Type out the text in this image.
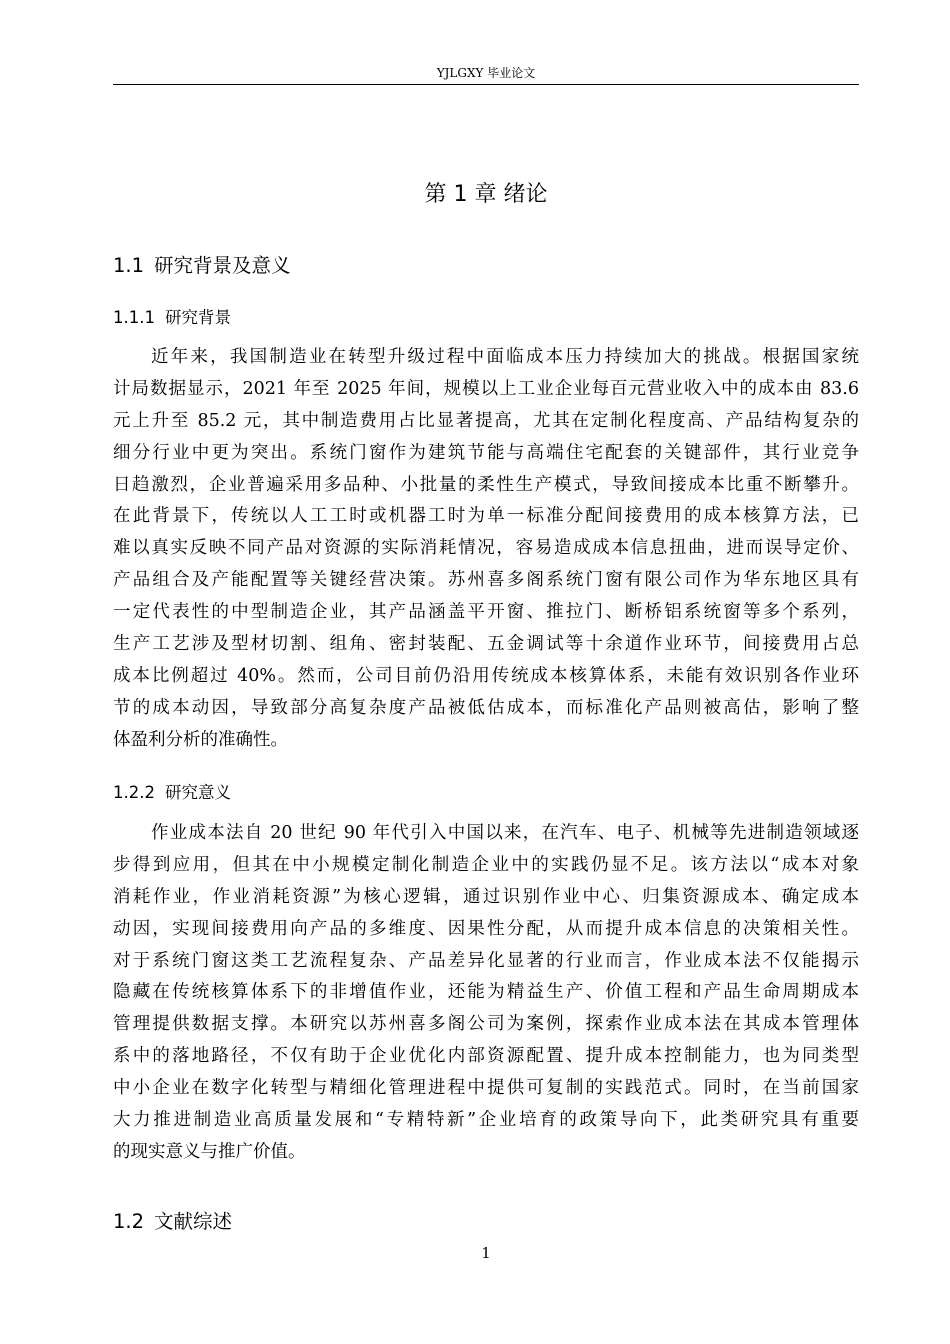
YJLGXY 毕业论文
第 1 章 绪论
1.1 研究背景及意义
1.1.1 研究背景
近年来，我国制造业在转型升级过程中面临成本压力持续加大的挑战。根据国家统
计局数据显示，2021 年至 2025 年间，规模以上工业企业每百元营业收入中的成本由 83.6
元上升至 85.2 元，其中制造费用占比显著提高，尤其在定制化程度高、产品结构复杂的
细分行业中更为突出。系统门窗作为建筑节能与高端住宅配套的关键部件，其行业竞争
日趋激烈，企业普遍采用多品种、小批量的柔性生产模式，导致间接成本比重不断攀升。
在此背景下，传统以人工工时或机器工时为单一标准分配间接费用的成本核算方法，已
难以真实反映不同产品对资源的实际消耗情况，容易造成成本信息扭曲，进而误导定价、
产品组合及产能配置等关键经营决策。苏州喜多阁系统门窗有限公司作为华东地区具有
一定代表性的中型制造企业，其产品涵盖平开窗、推拉门、断桥铝系统窗等多个系列，
生产工艺涉及型材切割、组角、密封装配、五金调试等十余道作业环节，间接费用占总
成本比例超过 40%。然而，公司目前仍沿用传统成本核算体系，未能有效识别各作业环
节的成本动因，导致部分高复杂度产品被低估成本，而标准化产品则被高估，影响了整
体盈利分析的准确性。
1.2.2 研究意义
作业成本法自 20 世纪 90 年代引入中国以来，在汽车、电子、机械等先进制造领域逐
步得到应用，但其在中小规模定制化制造企业中的实践仍显不足。该方法以“成本对象
消耗作业，作业消耗资源”为核心逻辑，通过识别作业中心、归集资源成本、确定成本
动因，实现间接费用向产品的多维度、因果性分配，从而提升成本信息的决策相关性。
对于系统门窗这类工艺流程复杂、产品差异化显著的行业而言，作业成本法不仅能揭示
隐藏在传统核算体系下的非增值作业，还能为精益生产、价值工程和产品生命周期成本
管理提供数据支撑。本研究以苏州喜多阁公司为案例，探索作业成本法在其成本管理体
系中的落地路径，不仅有助于企业优化内部资源配置、提升成本控制能力，也为同类型
中小企业在数字化转型与精细化管理进程中提供可复制的实践范式。同时，在当前国家
大力推进制造业高质量发展和“专精特新”企业培育的政策导向下，此类研究具有重要
的现实意义与推广价值。
1.2 文献综述
1
